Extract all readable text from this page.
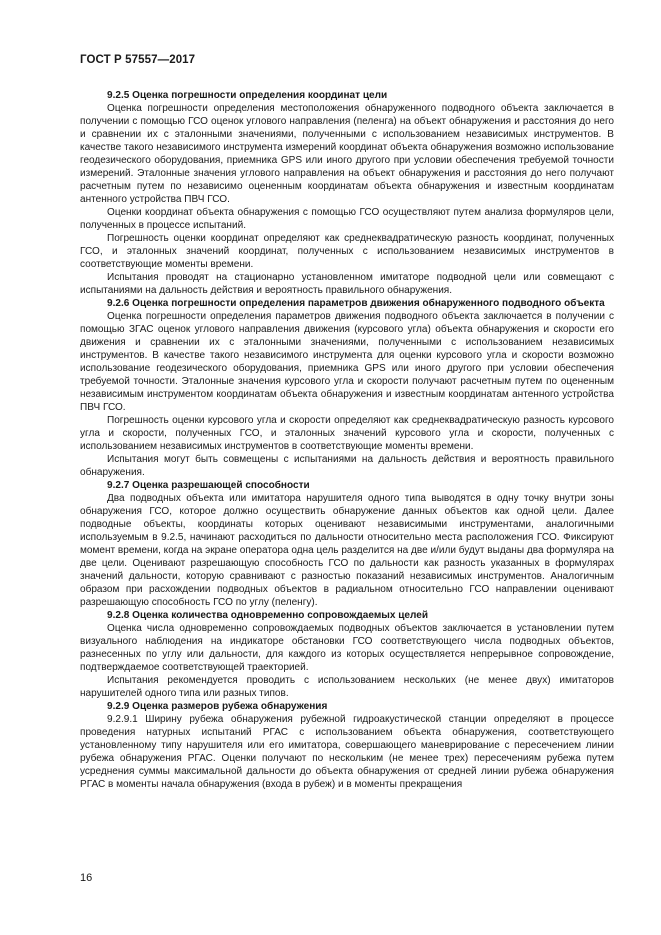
ГОСТ Р 57557—2017

9.2.5 Оценка погрешности определения координат цели

Оценка погрешности определения местоположения обнаруженного подводного объекта заключается в получении с помощью ГСО оценок углового направления (пеленга) на объект обнаружения и расстояния до него и сравнении их с эталонными значениями, полученными с использованием независимых инструментов. В качестве такого независимого инструмента измерений координат объекта обнаружения возможно использование геодезического оборудования, приемника GPS или иного другого при условии обеспечения требуемой точности измерений. Эталонные значения углового направления на объект обнаружения и расстояния до него получают расчетным путем по независимо оцененным координатам объекта обнаружения и известным координатам антенного устройства ПВЧ ГСО.

Оценки координат объекта обнаружения с помощью ГСО осуществляют путем анализа формуляров цели, полученных в процессе испытаний.

Погрешность оценки координат определяют как среднеквадратическую разность координат, полученных ГСО, и эталонных значений координат, полученных с использованием независимых инструментов в соответствующие моменты времени.

Испытания проводят на стационарно установленном имитаторе подводной цели или совмещают с испытаниями на дальность действия и вероятность правильного обнаружения.

9.2.6 Оценка погрешности определения параметров движения обнаруженного подводного объекта

Оценка погрешности определения параметров движения подводного объекта заключается в получении с помощью ЗГАС оценок углового направления движения (курсового угла) объекта обнаружения и скорости его движения и сравнении их с эталонными значениями, полученными с использованием независимых инструментов. В качестве такого независимого инструмента для оценки курсового угла и скорости возможно использование геодезического оборудования, приемника GPS или иного другого при условии обеспечения требуемой точности. Эталонные значения курсового угла и скорости получают расчетным путем по оцененным независимым инструментом координатам объекта обнаружения и известным координатам антенного устройства ПВЧ ГСО.

Погрешность оценки курсового угла и скорости определяют как среднеквадратическую разность курсового угла и скорости, полученных ГСО, и эталонных значений курсового угла и скорости, полученных с использованием независимых инструментов в соответствующие моменты времени.

Испытания могут быть совмещены с испытаниями на дальность действия и вероятность правильного обнаружения.

9.2.7 Оценка разрешающей способности

Два подводных объекта или имитатора нарушителя одного типа выводятся в одну точку внутри зоны обнаружения ГСО, которое должно осуществить обнаружение данных объектов как одной цели. Далее подводные объекты, координаты которых оценивают независимыми инструментами, аналогичными используемым в 9.2.5, начинают расходиться по дальности относительно места расположения ГСО. Фиксируют момент времени, когда на экране оператора одна цель разделится на две и/или будут выданы два формуляра на две цели. Оценивают разрешающую способность ГСО по дальности как разность указанных в формулярах значений дальности, которую сравнивают с разностью показаний независимых инструментов. Аналогичным образом при расхождении подводных объектов в радиальном относительно ГСО направлении оценивают разрешающую способность ГСО по углу (пеленгу).

9.2.8 Оценка количества одновременно сопровождаемых целей

Оценка числа одновременно сопровождаемых подводных объектов заключается в установлении путем визуального наблюдения на индикаторе обстановки ГСО соответствующего числа подводных объектов, разнесенных по углу или дальности, для каждого из которых осуществляется непрерывное сопровождение, подтверждаемое соответствующей траекторией.

Испытания рекомендуется проводить с использованием нескольких (не менее двух) имитаторов нарушителей одного типа или разных типов.

9.2.9 Оценка размеров рубежа обнаружения

9.2.9.1 Ширину рубежа обнаружения рубежной гидроакустической станции определяют в процессе проведения натурных испытаний РГАС с использованием объекта обнаружения, соответствующего установленному типу нарушителя или его имитатора, совершающего маневрирование с пересечением линии рубежа обнаружения РГАС. Оценки получают по нескольким (не менее трех) пересечениям рубежа путем усреднения суммы максимальной дальности до объекта обнаружения от средней линии рубежа обнаружения РГАС в моменты начала обнаружения (входа в рубеж) и в моменты прекращения

16
